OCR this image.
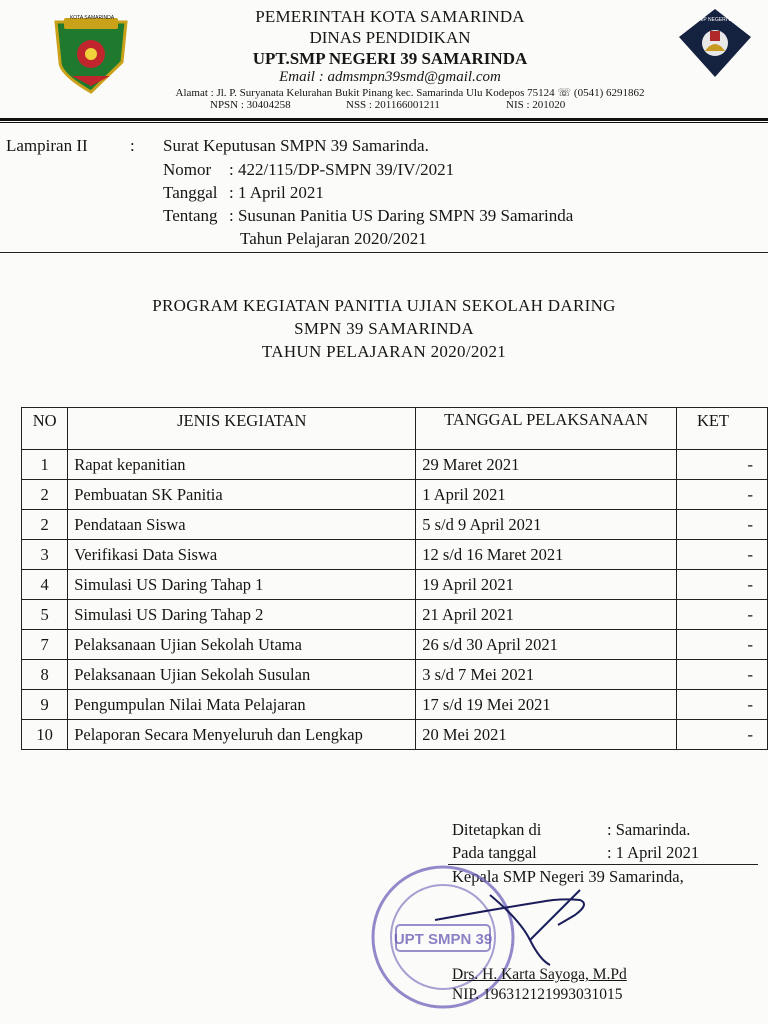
KOTA SAMARINDA	SMP NEGERI 39
PEMERINTAH KOTA SAMARINDA
DINAS PENDIDIKAN
UPT.SMP NEGERI 39 SAMARINDA
Email : admsmpn39smd@gmail.com
Alamat : Jl. P. Suryanata Kelurahan Bukit Pinang kec. Samarinda Ulu Kodepos 75124 ☏ (0541) 6291862
NPSN : 30404258	NSS : 201166001211	NIS : 201020
Lampiran II : Surat Keputusan SMPN 39 Samarinda.
Nomor : 422/115/DP-SMPN 39/IV/2021
Tanggal : 1 April 2021
Tentang : Susunan Panitia US Daring SMPN 39 Samarinda
Tahun Pelajaran 2020/2021
PROGRAM KEGIATAN PANITIA UJIAN SEKOLAH DARING
SMPN 39 SAMARINDA
TAHUN PELAJARAN 2020/2021
NO	JENIS KEGIATAN	TANGGAL PELAKSANAAN	KET
1	Rapat kepanitian	29 Maret 2021	-
2	Pembuatan SK Panitia	1 April 2021	-
2	Pendataan Siswa	5 s/d 9 April 2021	-
3	Verifikasi Data Siswa	12 s/d 16 Maret 2021	-
4	Simulasi US Daring Tahap 1	19 April 2021	-
5	Simulasi US Daring Tahap 2	21 April 2021	-
7	Pelaksanaan Ujian Sekolah Utama	26 s/d 30 April 2021	-
8	Pelaksanaan Ujian Sekolah Susulan	3 s/d 7 Mei 2021	-
9	Pengumpulan Nilai Mata Pelajaran	17 s/d 19 Mei 2021	-
10	Pelaporan Secara Menyeluruh dan Lengkap	20 Mei 2021	-
Ditetapkan di	: Samarinda.
Pada tanggal	: 1 April 2021
Kepala SMP Negeri 39 Samarinda,
UPT SMPN 39
Drs. H. Karta Sayoga, M.Pd
NIP. 196312121993031015
